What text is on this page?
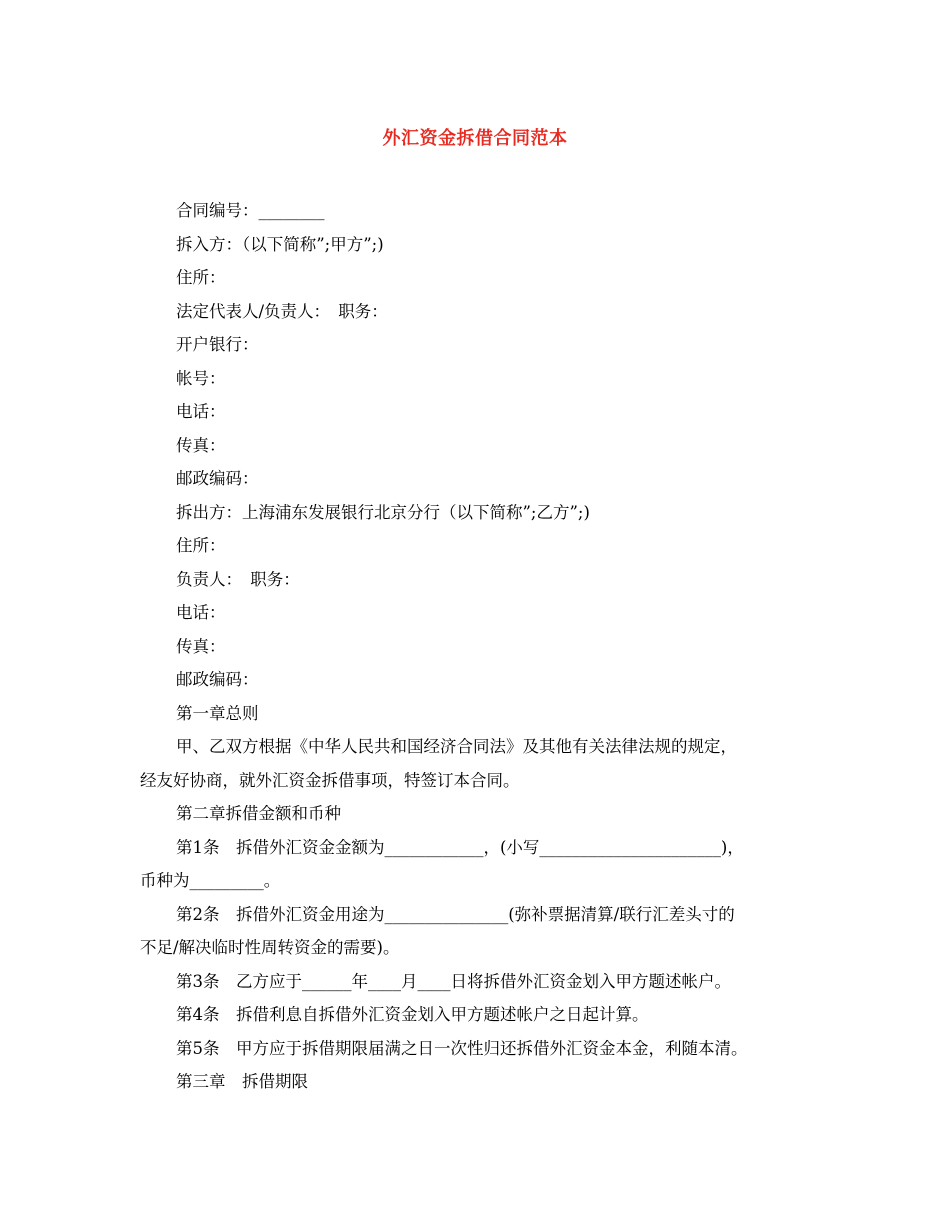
外汇资金拆借合同范本

合同编号：________

拆入方：（以下简称”;甲方”;)

住所：

法定代表人/负责人：　职务：

开户银行：

帐号：

电话：

传真：

邮政编码：

拆出方：上海浦东发展银行北京分行（以下简称”;乙方”;)

住所：

负责人：　职务：

电话：

传真：

邮政编码：

第一章总则

甲、乙双方根据《中华人民共和国经济合同法》及其他有关法律法规的规定，

经友好协商，就外汇资金拆借事项，特签订本合同。

第二章拆借金额和币种

第1条　拆借外汇资金金额为____________，(小写______________________)，

币种为_________。

第2条　拆借外汇资金用途为_______________(弥补票据清算/联行汇差头寸的

不足/解决临时性周转资金的需要)。

第3条　乙方应于______年____月____日将拆借外汇资金划入甲方题述帐户。

第4条　拆借利息自拆借外汇资金划入甲方题述帐户之日起计算。

第5条　甲方应于拆借期限届满之日一次性归还拆借外汇资金本金，利随本清。

第三章　拆借期限
